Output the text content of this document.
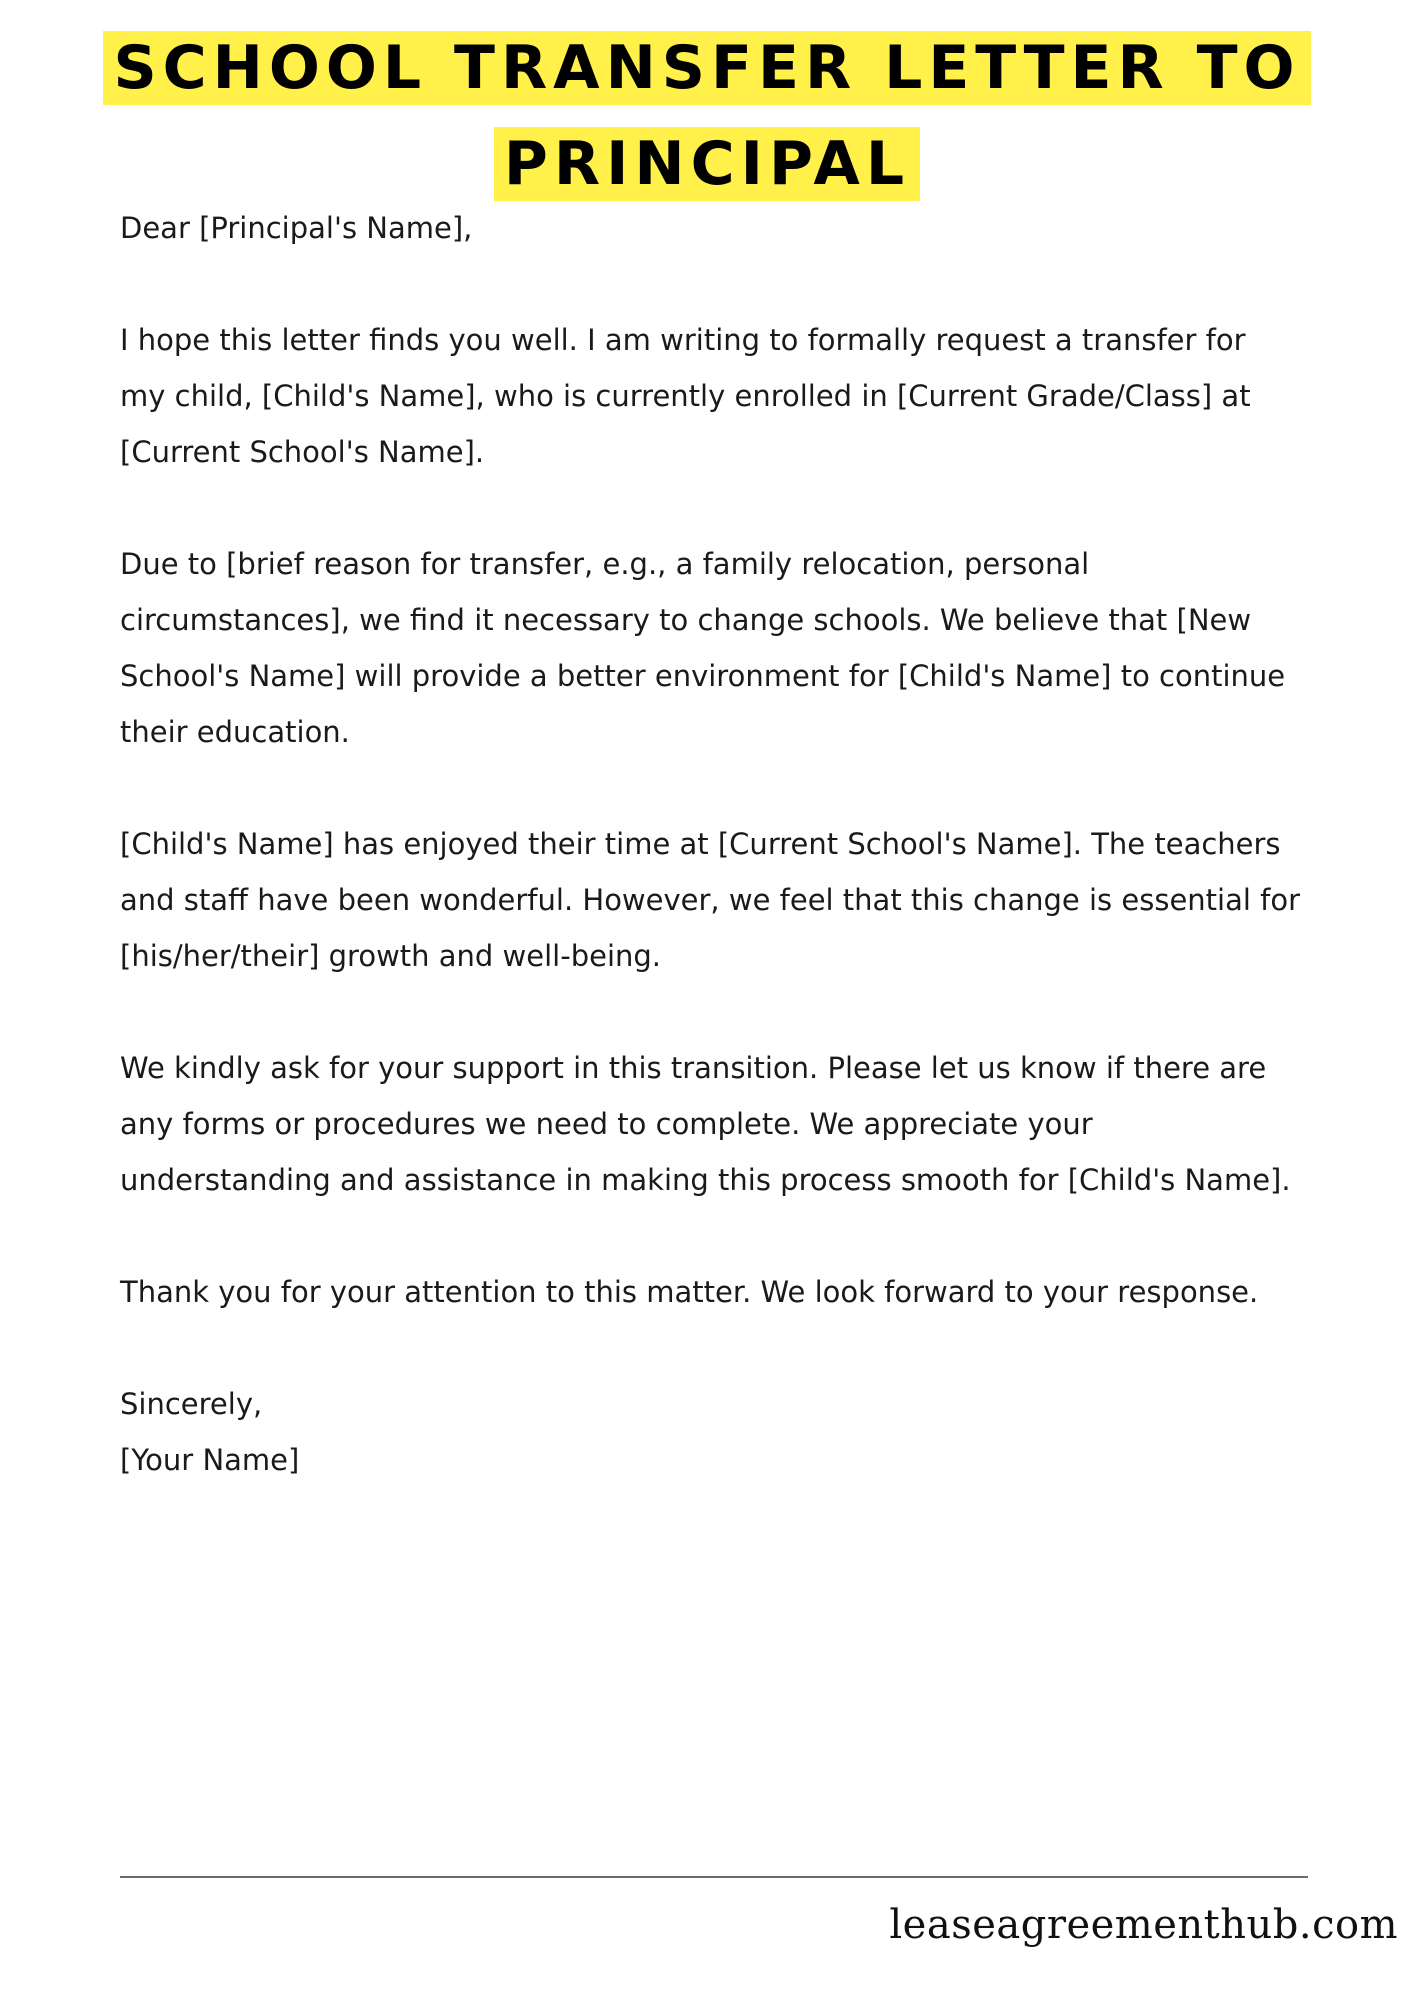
SCHOOL TRANSFER LETTER TO PRINCIPAL

Dear [Principal's Name],

I hope this letter finds you well. I am writing to formally request a transfer for my child, [Child's Name], who is currently enrolled in [Current Grade/Class] at [Current School's Name].

Due to [brief reason for transfer, e.g., a family relocation, personal circumstances], we find it necessary to change schools. We believe that [New School's Name] will provide a better environment for [Child's Name] to continue their education.

[Child's Name] has enjoyed their time at [Current School's Name]. The teachers and staff have been wonderful. However, we feel that this change is essential for [his/her/their] growth and well-being.

We kindly ask for your support in this transition. Please let us know if there are any forms or procedures we need to complete. We appreciate your understanding and assistance in making this process smooth for [Child's Name].

Thank you for your attention to this matter. We look forward to your response.

Sincerely,

[Your Name]

leaseagreementhub.com
